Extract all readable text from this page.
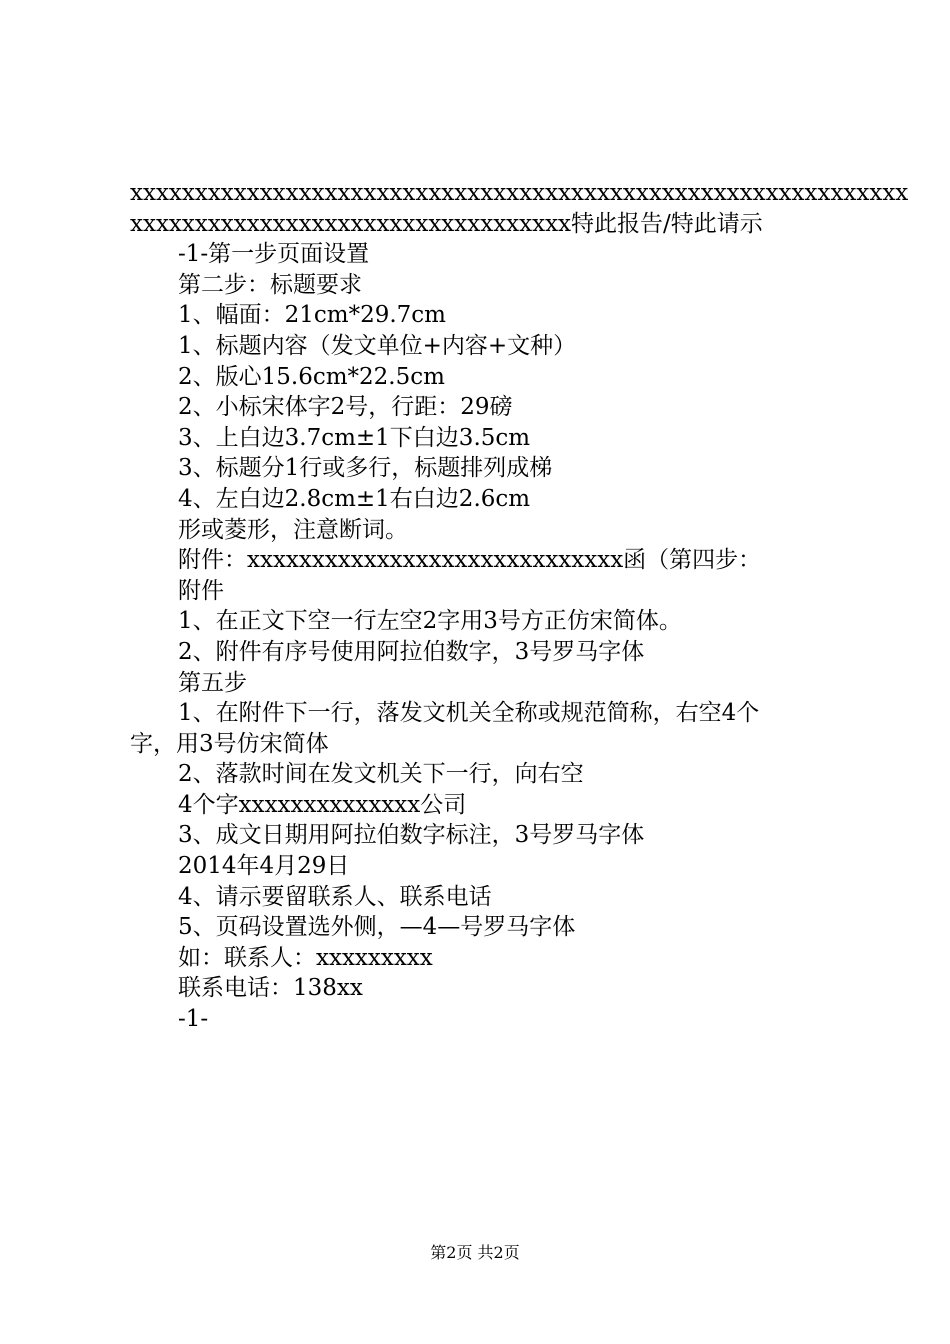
xxxxxxxxxxxxxxxxxxxxxxxxxxxxxxxxxxxxxxxxxxxxxxxxxxxxxxxxxxxx
xxxxxxxxxxxxxxxxxxxxxxxxxxxxxxxxxx特此报告/特此请示
-1-第一步页面设置
第二步：标题要求
1、幅面：21cm*29.7cm
1、标题内容（发文单位+内容+文种）
2、版心15.6cm*22.5cm
2、小标宋体字2号，行距：29磅
3、上白边3.7cm±1下白边3.5cm
3、标题分1行或多行，标题排列成梯
4、左白边2.8cm±1右白边2.6cm
形或菱形，注意断词。
附件：xxxxxxxxxxxxxxxxxxxxxxxxxxxxx函（第四步：
附件
1、在正文下空一行左空2字用3号方正仿宋简体。
2、附件有序号使用阿拉伯数字，3号罗马字体
第五步
1、在附件下一行，落发文机关全称或规范简称，右空4个
字，用3号仿宋简体
2、落款时间在发文机关下一行，向右空
4个字xxxxxxxxxxxxxx公司
3、成文日期用阿拉伯数字标注，3号罗马字体
2014年4月29日
4、请示要留联系人、联系电话
5、页码设置选外侧，—4—号罗马字体
如：联系人：xxxxxxxxx
联系电话：138xx
-1-
第2页 共2页
